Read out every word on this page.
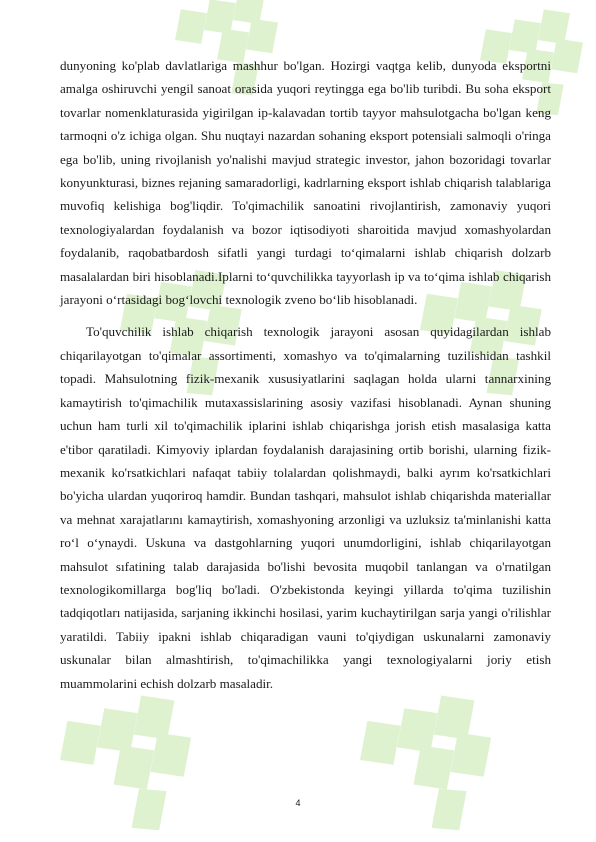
dunyoning ko'plab davlatlariga mashhur bo'lgan. Hozirgi vaqtga kelib, dunyoda eksportni amalga oshiruvchi yengil sanoat orasida yuqori reytingga ega bo'lib turibdi. Bu soha eksport tovarlar nomenklaturasida yigirilgan ip-kalavadan tortib tayyor mahsulotgacha bo'lgan keng tarmoqni o'z ichiga olgan. Shu nuqtayi nazardan sohaning eksport potensiali salmoqli o'ringa ega bo'lib, uning rivojlanish yo'nalishi mavjud strategic investor, jahon bozoridagi tovarlar konyunkturasi, biznes rejaning samaradorligi, kadrlarning eksport ishlab chiqarish talablariga muvofiq kelishiga bog'liqdir. To'qimachilik sanoatini rivojlantirish, zamonaviy yuqori texnologiyalardan foydalanish va bozor iqtisodiyoti sharoitida mavjud xomashyolardan foydalanib, raqobatbardosh sifatli yangi turdagi to‘qimalarni ishlab chiqarish dolzarb masalalardan biri hisoblanadi.Iplarni to‘quvchilikka tayyorlash ip va to‘qima ishlab chiqarish jarayoni o‘rtasidagi bog‘lovchi texnologik zveno bo‘lib hisoblanadi.

To'quvchilik ishlab chiqarish texnologik jarayoni asosan quyidagilardan ishlab chiqarilayotgan to'qimalar assortimenti, xomashyo va to'qimalarning tuzilishidan tashkil topadi. Mahsulotning fizik-mexanik xususiyatlarini saqlagan holda ularni tannarxining kamaytirish to'qimachilik mutaxassislarining asosiy vazifasi hisoblanadi. Aynan shuning uchun ham turli xil to'qimachilik iplarini ishlab chiqarishga jorish etish masalasiga katta e'tibor qaratiladi. Kimyoviy iplardan foydalanish darajasining ortib borishi, ularning fizik-mexanik ko'rsatkichlari nafaqat tabiiy tolalardan qolishmaydi, balki ayrım ko'rsatkichlari bo'yicha ulardan yuqoriroq hamdir. Bundan tashqari, mahsulot ishlab chiqarishda materiallar va mehnat xarajatlarını kamaytirish, xomashyoning arzonligi va uzluksiz ta'minlanishi katta ro‘l o‘ynaydi. Uskuna va dastgohlarning yuqori unumdorligini, ishlab chiqarilayotgan mahsulot sıfatining talab darajasida bo'lishi bevosita muqobil tanlangan va o'rnatilgan texnologikomillarga bog'liq bo'ladi. O'zbekistonda keyingi yillarda to'qima tuzilishin tadqiqotları natijasida, sarjaning ikkinchi hosilasi, yarim kuchaytirilgan sarja yangi o'rilishlar yaratildi. Tabiiy ipakni ishlab chiqaradigan vauni to'qiydigan uskunalarni zamonaviy uskunalar bilan almashtirish, to'qimachilikka yangi texnologiyalarni joriy etish muammolarini echish dolzarb masaladir.

4
